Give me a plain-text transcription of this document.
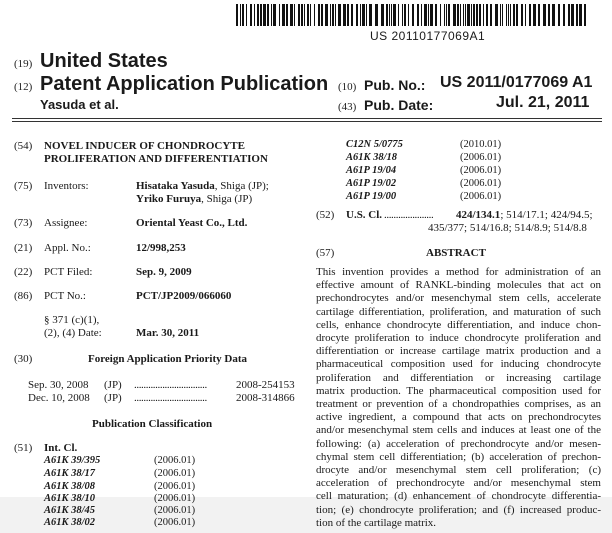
US 20110177069A1
(19) United States
(12) Patent Application Publication
Yasuda et al.
(10) Pub. No.: US 2011/0177069 A1
(43) Pub. Date:	Jul. 21, 2011
(54) NOVEL INDUCER OF CHONDROCYTE
PROLIFERATION AND DIFFERENTIATION
(75) Inventors:	Hisataka Yasuda, Shiga (JP);
Yriko Furuya, Shiga (JP)
(73) Assignee:	Oriental Yeast Co., Ltd.
(21) Appl. No.:	12/998,253
(22) PCT Filed:	Sep. 9, 2009
(86) PCT No.:	PCT/JP2009/066060
§ 371 (c)(1),
(2), (4) Date:	Mar. 30, 2011
(30)	Foreign Application Priority Data
Sep. 30, 2008 (JP) ...............................	2008-254153
Dec. 10, 2008 (JP) ...............................	2008-314866
Publication Classification
(51) Int. Cl.
A61K 39/395	(2006.01)
A61K 38/17	(2006.01)
A61K 38/08	(2006.01)
A61K 38/10	(2006.01)
A61K 38/45	(2006.01)
A61K 38/02	(2006.01)
C12N 5/0775	(2010.01)
A61K 38/18	(2006.01)
A61P 19/04	(2006.01)
A61P 19/02	(2006.01)
A61P 19/00	(2006.01)
(52) U.S. Cl. ..................... 424/134.1; 514/17.1; 424/94.5;
435/377; 514/16.8; 514/8.9; 514/8.8
(57)	ABSTRACT
This invention provides a method for administration of an
effective amount of RANKL-binding molecules that act on
prechondrocytes and/or mesenchymal stem cells, accelerate
cartilage differentiation, proliferation, and maturation of such
cells, enhance chondrocyte differentiation, and induce chon-
drocyte proliferation to induce chondrocyte proliferation and
differentiation or increase cartilage matrix production and a
pharmaceutical composition used for inducing chondrocyte
proliferation and differentiation or increasing cartilage
matrix production. The pharmaceutical composition used for
treatment or prevention of a chondropathies comprises, as an
active ingredient, a compound that acts on prechondrocytes
and/or mesenchymal stem cells and induces at least one of the
following: (a) acceleration of prechondrocyte and/or mesen-
chymal stem cell differentiation; (b) acceleration of prechon-
drocyte and/or mesenchymal stem cell proliferation; (c)
acceleration of prechondrocyte and/or mesenchymal stem
cell maturation; (d) enhancement of chondrocyte differentia-
tion; (e) chondrocyte proliferation; and (f) increased produc-
tion of the cartilage matrix.
